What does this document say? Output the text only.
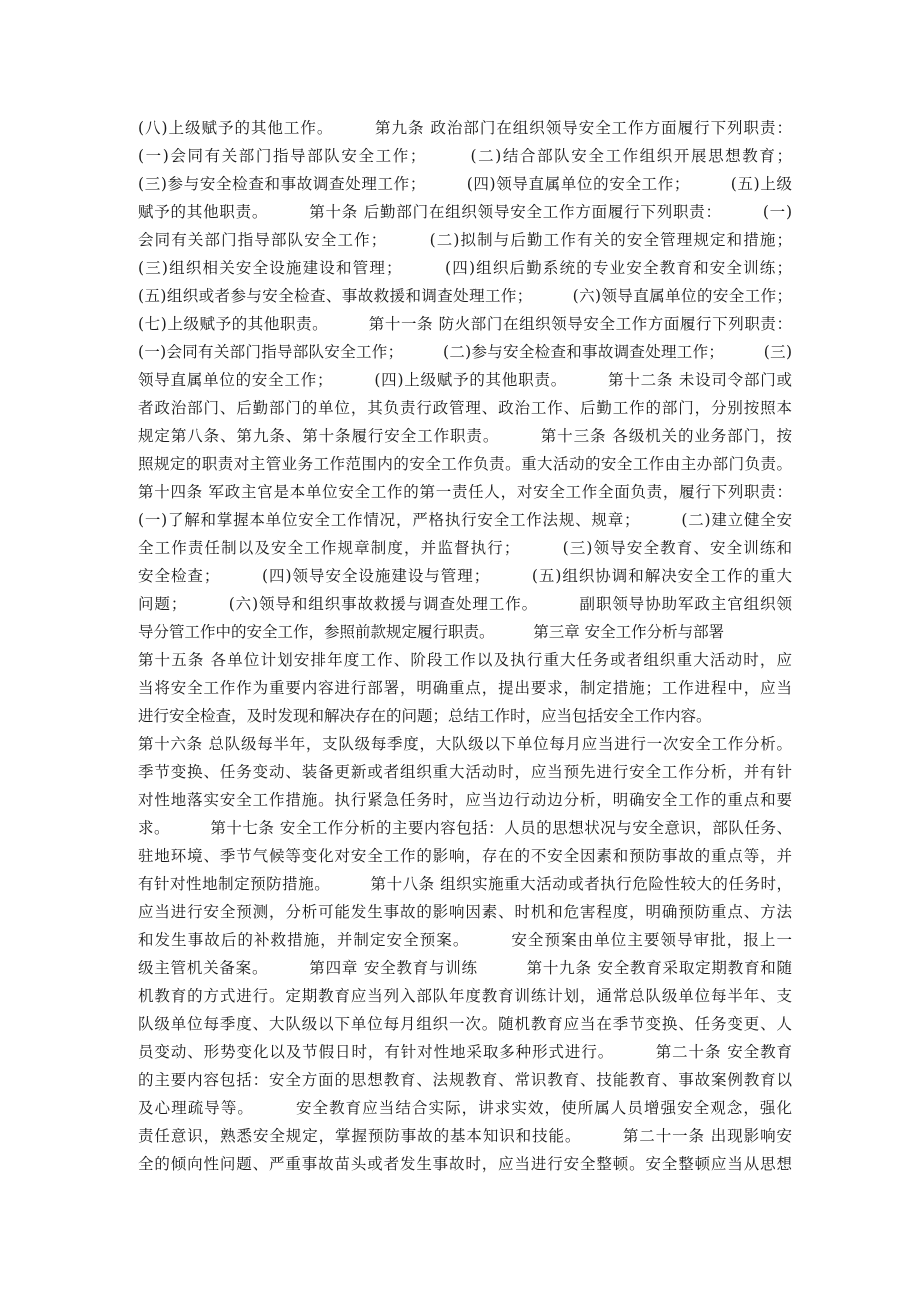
(八)上级赋予的其他工作。　　　第九条 政治部门在组织领导安全工作方面履行下列职责：
(一)会同有关部门指导部队安全工作；　　　(二)结合部队安全工作组织开展思想教育；
(三)参与安全检查和事故调查处理工作；　　　(四)领导直属单位的安全工作；　　　(五)上级
赋予的其他职责。　　　第十条 后勤部门在组织领导安全工作方面履行下列职责：　　　(一)
会同有关部门指导部队安全工作；　　　(二)拟制与后勤工作有关的安全管理规定和措施；
(三)组织相关安全设施建设和管理；　　　(四)组织后勤系统的专业安全教育和安全训练；
(五)组织或者参与安全检查、事故救援和调查处理工作；　　　(六)领导直属单位的安全工作；
(七)上级赋予的其他职责。　　　第十一条 防火部门在组织领导安全工作方面履行下列职责：
(一)会同有关部门指导部队安全工作；　　　(二)参与安全检查和事故调查处理工作；　　　(三)
领导直属单位的安全工作；　　　(四)上级赋予的其他职责。　　　第十二条 未设司令部门或
者政治部门、后勤部门的单位，其负责行政管理、政治工作、后勤工作的部门，分别按照本
规定第八条、第九条、第十条履行安全工作职责。　　　第十三条 各级机关的业务部门，按
照规定的职责对主管业务工作范围内的安全工作负责。重大活动的安全工作由主办部门负责。
第十四条 军政主官是本单位安全工作的第一责任人，对安全工作全面负责，履行下列职责：
(一)了解和掌握本单位安全工作情况，严格执行安全工作法规、规章；　　　(二)建立健全安
全工作责任制以及安全工作规章制度，并监督执行；　　　(三)领导安全教育、安全训练和
安全检查；　　　(四)领导安全设施建设与管理；　　　(五)组织协调和解决安全工作的重大
问题；　　　(六)领导和组织事故救援与调查处理工作。　　　副职领导协助军政主官组织领
导分管工作中的安全工作，参照前款规定履行职责。　　　第三章 安全工作分析与部署
第十五条 各单位计划安排年度工作、阶段工作以及执行重大任务或者组织重大活动时，应
当将安全工作作为重要内容进行部署，明确重点，提出要求，制定措施；工作进程中，应当
进行安全检查，及时发现和解决存在的问题；总结工作时，应当包括安全工作内容。
第十六条 总队级每半年，支队级每季度，大队级以下单位每月应当进行一次安全工作分析。
季节变换、任务变动、装备更新或者组织重大活动时，应当预先进行安全工作分析，并有针
对性地落实安全工作措施。执行紧急任务时，应当边行动边分析，明确安全工作的重点和要
求。　　　第十七条 安全工作分析的主要内容包括：人员的思想状况与安全意识，部队任务、
驻地环境、季节气候等变化对安全工作的影响，存在的不安全因素和预防事故的重点等，并
有针对性地制定预防措施。　　　第十八条 组织实施重大活动或者执行危险性较大的任务时，
应当进行安全预测，分析可能发生事故的影响因素、时机和危害程度，明确预防重点、方法
和发生事故后的补救措施，并制定安全预案。　　　安全预案由单位主要领导审批，报上一
级主管机关备案。　　　第四章 安全教育与训练　　　第十九条 安全教育采取定期教育和随
机教育的方式进行。定期教育应当列入部队年度教育训练计划，通常总队级单位每半年、支
队级单位每季度、大队级以下单位每月组织一次。随机教育应当在季节变换、任务变更、人
员变动、形势变化以及节假日时，有针对性地采取多种形式进行。　　　第二十条 安全教育
的主要内容包括：安全方面的思想教育、法规教育、常识教育、技能教育、事故案例教育以
及心理疏导等。　　　安全教育应当结合实际，讲求实效，使所属人员增强安全观念，强化
责任意识，熟悉安全规定，掌握预防事故的基本知识和技能。　　　第二十一条 出现影响安
全的倾向性问题、严重事故苗头或者发生事故时，应当进行安全整顿。安全整顿应当从思想
